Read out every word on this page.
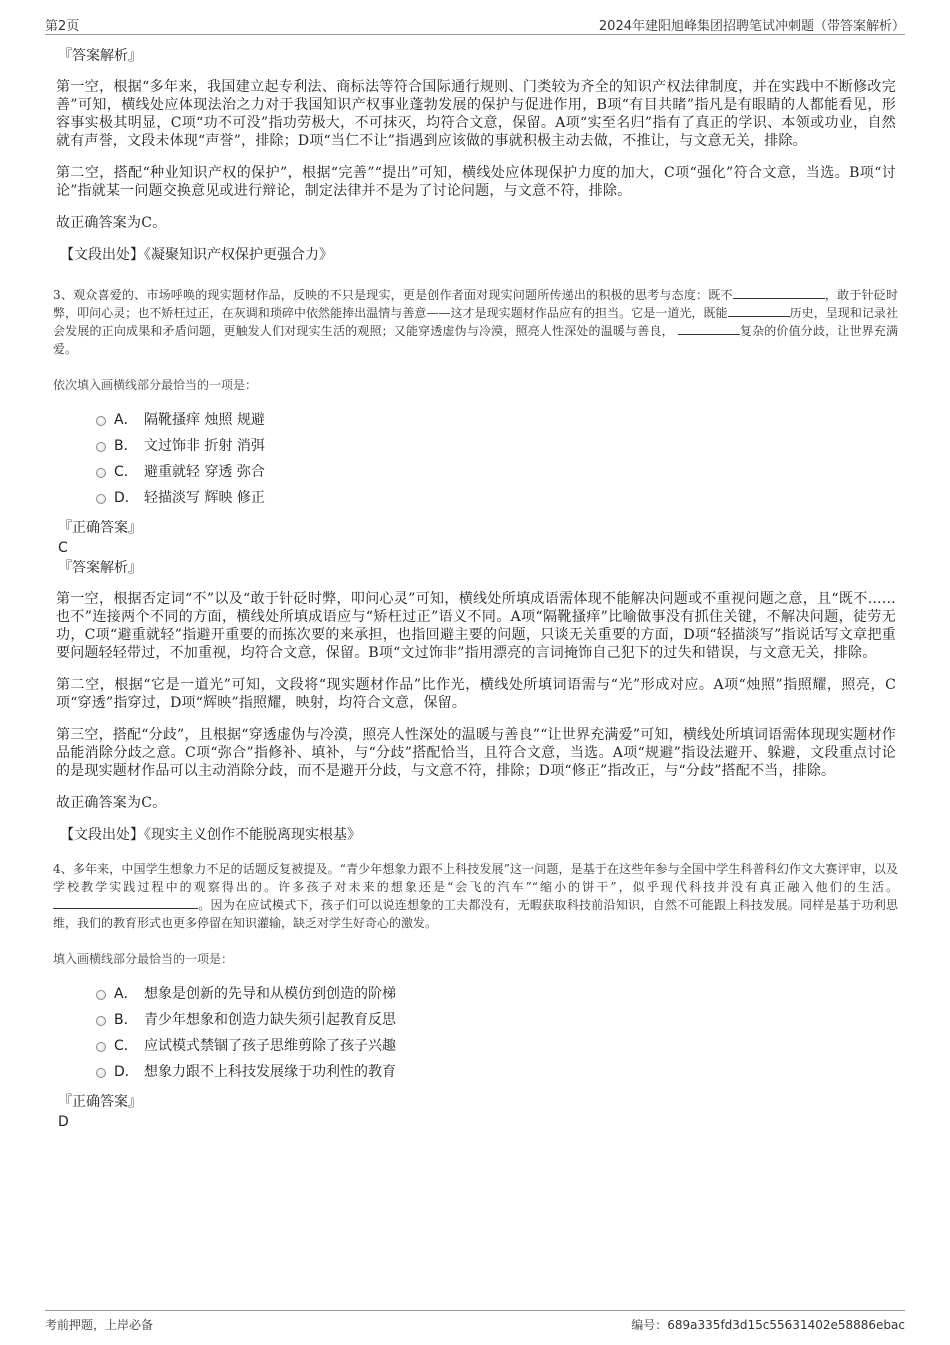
第2页	2024年建阳旭峰集团招聘笔试冲刺题（带答案解析）
『答案解析』

第一空，根据“多年来，我国建立起专利法、商标法等符合国际通行规则、门类较为齐全的知识产权法律制度，并在实践中不断修改完善”可知，横线处应体现法治之力对于我国知识产权事业蓬勃发展的保护与促进作用，B项“有目共睹”指凡是有眼睛的人都能看见，形容事实极其明显，C项“功不可没”指功劳极大，不可抹灭，均符合文意，保留。A项“实至名归”指有了真正的学识、本领或功业，自然就有声誉，文段未体现“声誉”，排除；D项“当仁不让”指遇到应该做的事就积极主动去做，不推让，与文意无关，排除。

第二空，搭配“种业知识产权的保护”，根据“完善”“提出”可知，横线处应体现保护力度的加大，C项“强化”符合文意，当选。B项“讨论”指就某一问题交换意见或进行辩论，制定法律并不是为了讨论问题，与文意不符，排除。

故正确答案为C。

【文段出处】《凝聚知识产权保护更强合力》
3、观众喜爱的、市场呼唤的现实题材作品，反映的不只是现实，更是创作者面对现实问题所传递出的积极的思考与态度：既不	，敢于针砭时弊，叩问心灵；也不矫枉过正，在灰调和琐碎中依然能捧出温情与善意——这才是现实题材作品应有的担当。它是一道光，既能	历史，呈现和记录社会发展的正向成果和矛盾问题，更触发人们对现实生活的观照；又能穿透虚伪与冷漠，照亮人性深处的温暖与善良，	复杂的价值分歧，让世界充满爱。
依次填入画横线部分最恰当的一项是：
A． 隔靴搔痒 烛照 规避
B． 文过饰非 折射 消弭
C． 避重就轻 穿透 弥合
D． 轻描淡写 辉映 修正
『正确答案』
C
『答案解析』

第一空，根据否定词“不”以及“敢于针砭时弊，叩问心灵”可知，横线处所填成语需体现不能解决问题或不重视问题之意，且“既不……也不”连接两个不同的方面，横线处所填成语应与“矫枉过正”语义不同。A项“隔靴搔痒”比喻做事没有抓住关键，不解决问题，徒劳无功，C项“避重就轻”指避开重要的而拣次要的来承担，也指回避主要的问题，只谈无关重要的方面，D项“轻描淡写”指说话写文章把重要问题轻轻带过，不加重视，均符合文意，保留。B项“文过饰非”指用漂亮的言词掩饰自己犯下的过失和错误，与文意无关，排除。

第二空，根据“它是一道光”可知，文段将“现实题材作品”比作光，横线处所填词语需与“光”形成对应。A项“烛照”指照耀，照亮，C项“穿透”指穿过，D项“辉映”指照耀，映射，均符合文意，保留。

第三空，搭配“分歧”，且根据“穿透虚伪与冷漠，照亮人性深处的温暖与善良”“让世界充满爱”可知，横线处所填词语需体现现实题材作品能消除分歧之意。C项“弥合”指修补、填补，与“分歧”搭配恰当，且符合文意，当选。A项“规避”指设法避开、躲避，文段重点讨论的是现实题材作品可以主动消除分歧，而不是避开分歧，与文意不符，排除；D项“修正”指改正，与“分歧”搭配不当，排除。

故正确答案为C。

【文段出处】《现实主义创作不能脱离现实根基》
4、多年来，中国学生想象力不足的话题反复被提及。“青少年想象力跟不上科技发展”这一问题，是基于在这些年参与全国中学生科普科幻作文大赛评审，以及学校教学实践过程中的观察得出的。许多孩子对未来的想象还是“会飞的汽车”“缩小的饼干”，似乎现代科技并没有真正融入他们的生活。。因为在应试模式下，孩子们可以说连想象的工夫都没有，无暇获取科技前沿知识，自然不可能跟上科技发展。同样是基于功利思维，我们的教育形式也更多停留在知识灌输，缺乏对学生好奇心的激发。
填入画横线部分最恰当的一项是：
A． 想象是创新的先导和从模仿到创造的阶梯
B． 青少年想象和创造力缺失须引起教育反思
C． 应试模式禁锢了孩子思维剪除了孩子兴趣
D． 想象力跟不上科技发展缘于功利性的教育
『正确答案』
D
考前押题，上岸必备	编号：689a335fd3d15c55631402e58886ebac
